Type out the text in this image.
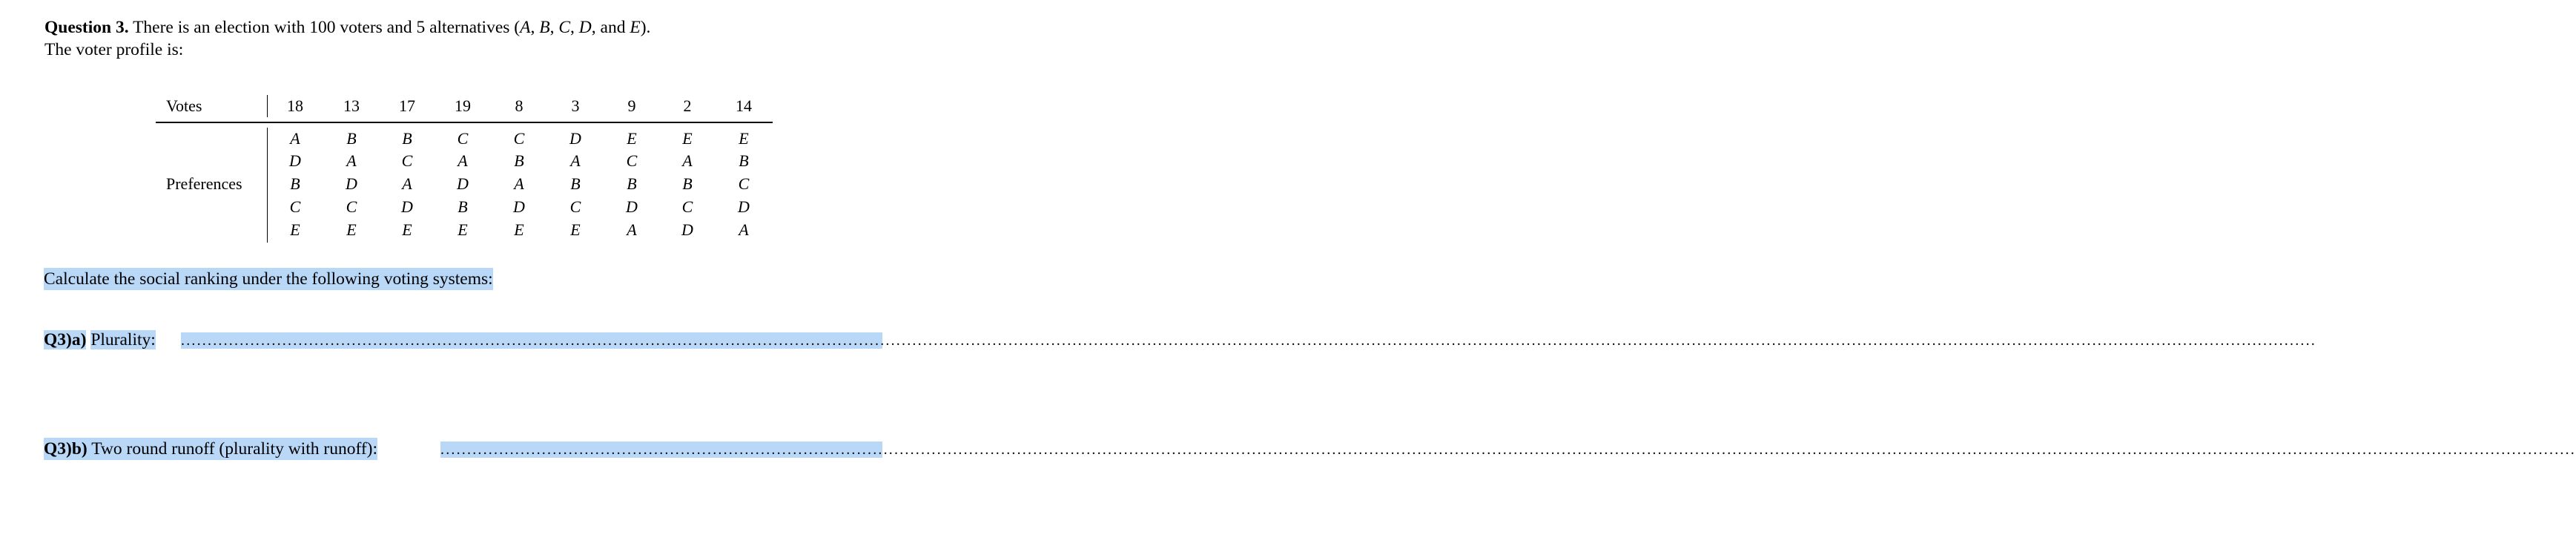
Question 3. There is an election with 100 voters and 5 alternatives (A, B, C, D, and E).
The voter profile is:
Votes
Preferences
18
A
D
B
C
E
13
B
A
D
C
E
17
B
C
A
D
E
19
C
A
D
B
E
8
C
B
A
D
E
3
D
A
B
C
E
9
E
C
B
D
A
2
E
A
B
C
D
14
E
B
C
D
A
Calculate the social ranking under the following voting systems:
Q3)a) Plurality: ................................................................................................................................................................................................................................................................................................................................................................................................................
Q3)b) Two round runoff (plurality with runoff):	................................................................................................................................................................................................................................................................................................................................................................................................................
